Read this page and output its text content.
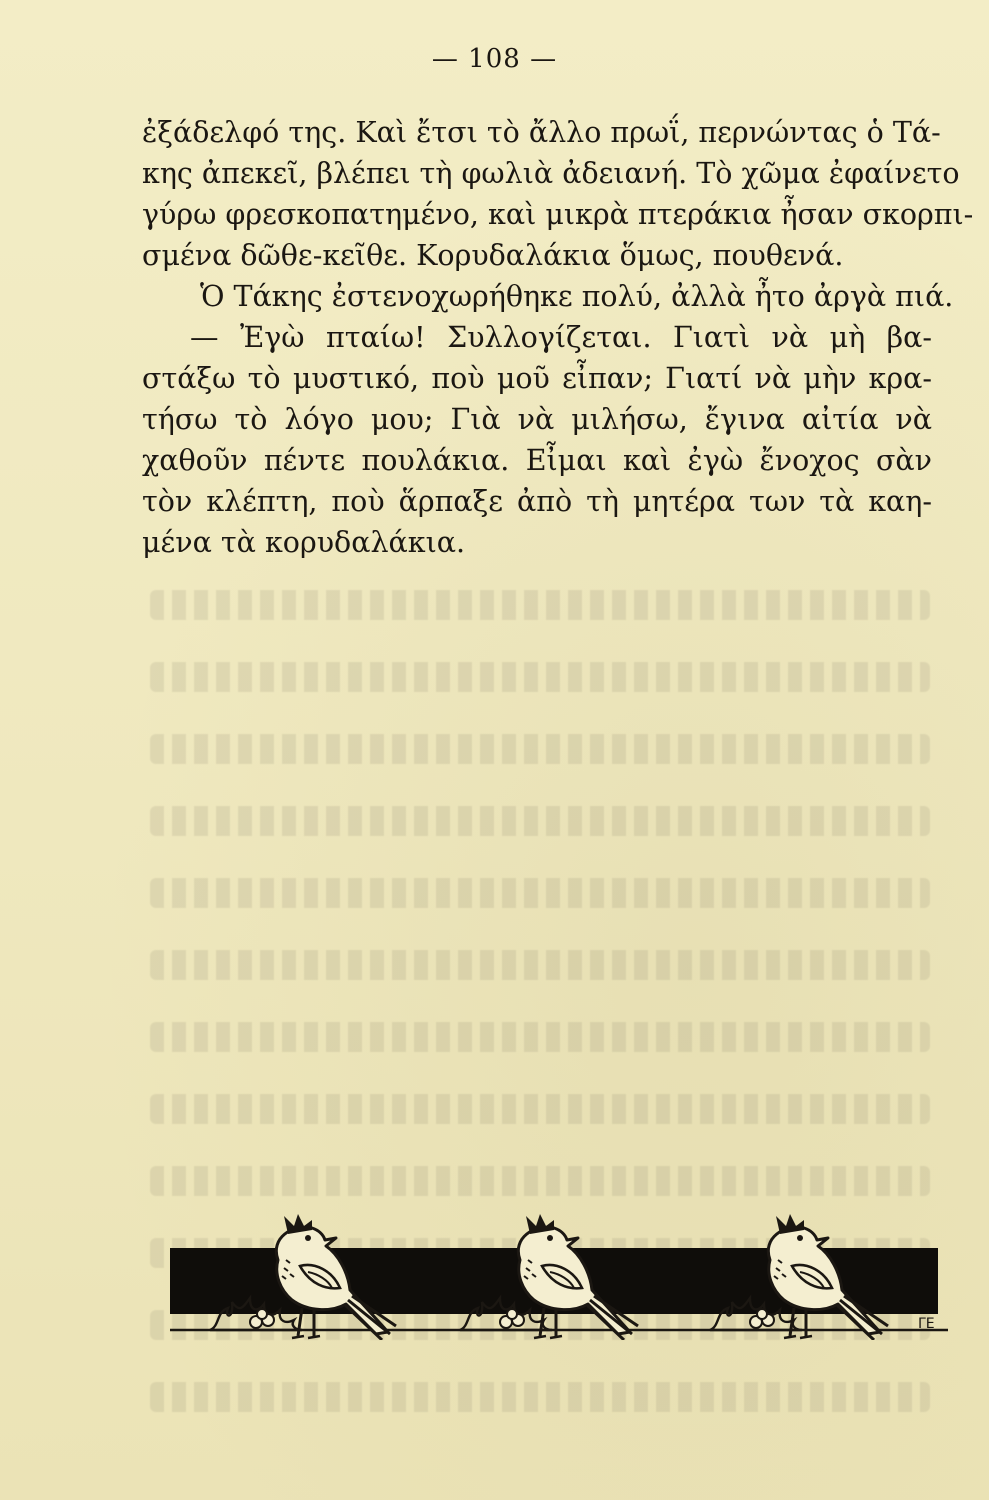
— 108 —
ἐξάδελφό της. Καὶ ἔτσι τὸ ἄλλο πρωΐ, περνώντας ὁ Τά-
κης ἀπεκεῖ, βλέπει τὴ φωλιὰ ἀδειανή. Τὸ χῶμα ἐφαίνετο
γύρω φρεσκοπατημένο, καὶ μικρὰ πτεράκια ἦσαν σκορπι-
σμένα δῶθε-κεῖθε. Κορυδαλάκια ὅμως, πουθενά.
Ὁ Τάκης ἐστενοχωρήθηκε πολύ, ἀλλὰ ἦτο ἀργὰ πιά.
— Ἐγὼ πταίω! Συλλογίζεται. Γιατὶ νὰ μὴ βα-
στάξω τὸ μυστικό, ποὺ μοῦ εἶπαν; Γιατί νὰ μὴν κρα-
τήσω τὸ λόγο μου; Γιὰ νὰ μιλήσω, ἔγινα αἰτία νὰ
χαθοῦν πέντε πουλάκια. Εἶμαι καὶ ἐγὼ ἔνοχος σὰν
τὸν κλέπτη, ποὺ ἅρπαξε ἀπὸ τὴ μητέρα των τὰ καη-
μένα τὰ κορυδαλάκια.
ΓΕ
